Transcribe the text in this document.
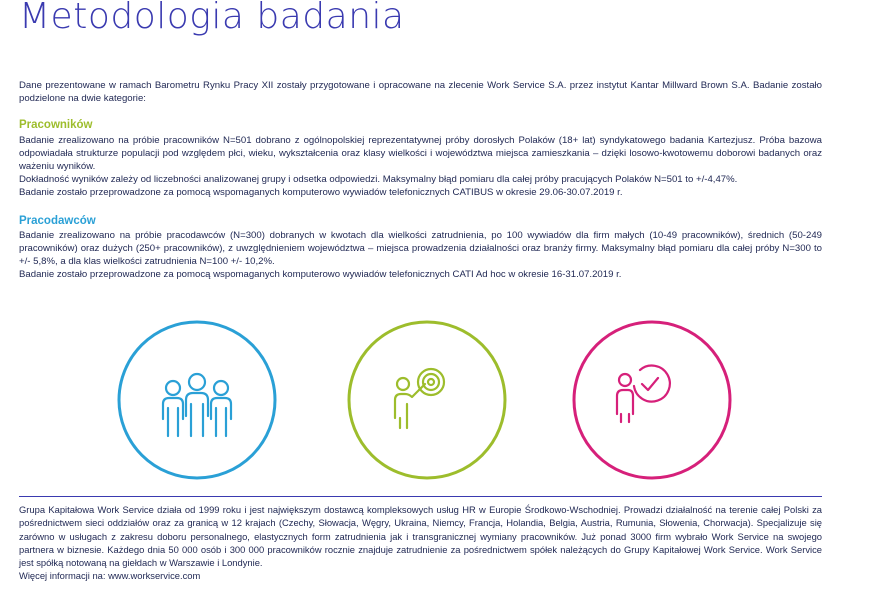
Metodologia badania
Dane prezentowane w ramach Barometru Rynku Pracy XII zostały przygotowane i opracowane na zlecenie Work Service S.A. przez instytut Kantar Millward Brown S.A. Badanie zostało podzielone na dwie kategorie:
Pracowników

Badanie zrealizowano na próbie pracowników N=501 dobrano z ogólnopolskiej reprezentatywnej próby dorosłych Polaków (18+ lat) syndykatowego badania Kartezjusz. Próba bazowa odpowiadała strukturze populacji pod względem płci, wieku, wykształcenia oraz klasy wielkości i województwa miejsca zamieszkania – dzięki losowo-kwotowemu doborowi badanych oraz ważeniu wyników.

Dokładność wyników zależy od liczebności analizowanej grupy i odsetka odpowiedzi. Maksymalny błąd pomiaru dla całej próby pracujących Polaków N=501 to +/-4,47%.

Badanie zostało przeprowadzone za pomocą wspomaganych komputerowo wywiadów telefonicznych CATIBUS w okresie 29.06-30.07.2019 r.

Pracodawców

Badanie zrealizowano na próbie pracodawców (N=300) dobranych w kwotach dla wielkości zatrudnienia, po 100 wywiadów dla firm małych (10-49 pracowników), średnich (50-249 pracowników) oraz dużych (250+ pracowników), z uwzględnieniem województwa – miejsca prowadzenia działalności oraz branży firmy. Maksymalny błąd pomiaru dla całej próby N=300 to +/- 5,8%, a dla klas wielkości zatrudnienia N=100 +/- 10,2%.

Badanie zostało przeprowadzone za pomocą wspomaganych komputerowo wywiadów telefonicznych CATI Ad hoc w okresie 16-31.07.2019 r.

Grupa Kapitałowa Work Service działa od 1999 roku i jest największym dostawcą kompleksowych usług HR w Europie Środkowo-Wschodniej. Prowadzi działalność na terenie całej Polski za pośrednictwem sieci oddziałów oraz za granicą w 12 krajach (Czechy, Słowacja, Węgry, Ukraina, Niemcy, Francja, Holandia, Belgia, Austria, Rumunia, Słowenia, Chorwacja). Specjalizuje się zarówno w usługach z zakresu doboru personalnego, elastycznych form zatrudnienia jak i transgranicznej wymiany pracowników. Już ponad 3000 firm wybrało Work Service na swojego partnera w biznesie. Każdego dnia 50 000 osób i 300 000 pracowników rocznie znajduje zatrudnienie za pośrednictwem spółek należących do Grupy Kapitałowej Work Service. Work Service jest spółką notowaną na giełdach w Warszawie i Londynie.

Więcej informacji na: www.workservice.com
